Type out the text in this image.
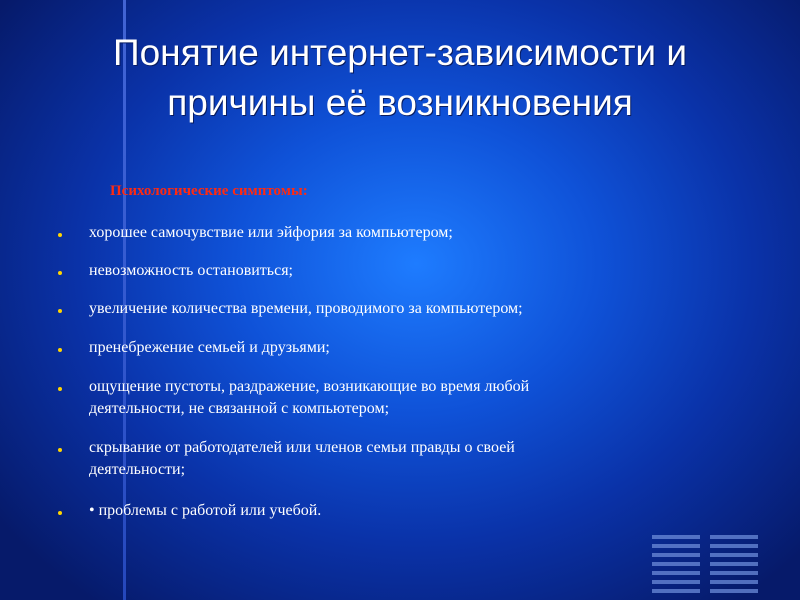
Понятие интернет-зависимости и
причины её возникновения
Психологические симптомы:
хорошее самочувствие или эйфория за компьютером;
невозможность остановиться;
увеличение количества времени, проводимого за компьютером;
пренебрежение семьей и друзьями;
ощущение пустоты, раздражение, возникающие во время любой
деятельности, не связанной с компьютером;
скрывание от работодателей или членов семьи правды о своей
деятельности;
• проблемы с работой или учебой.
